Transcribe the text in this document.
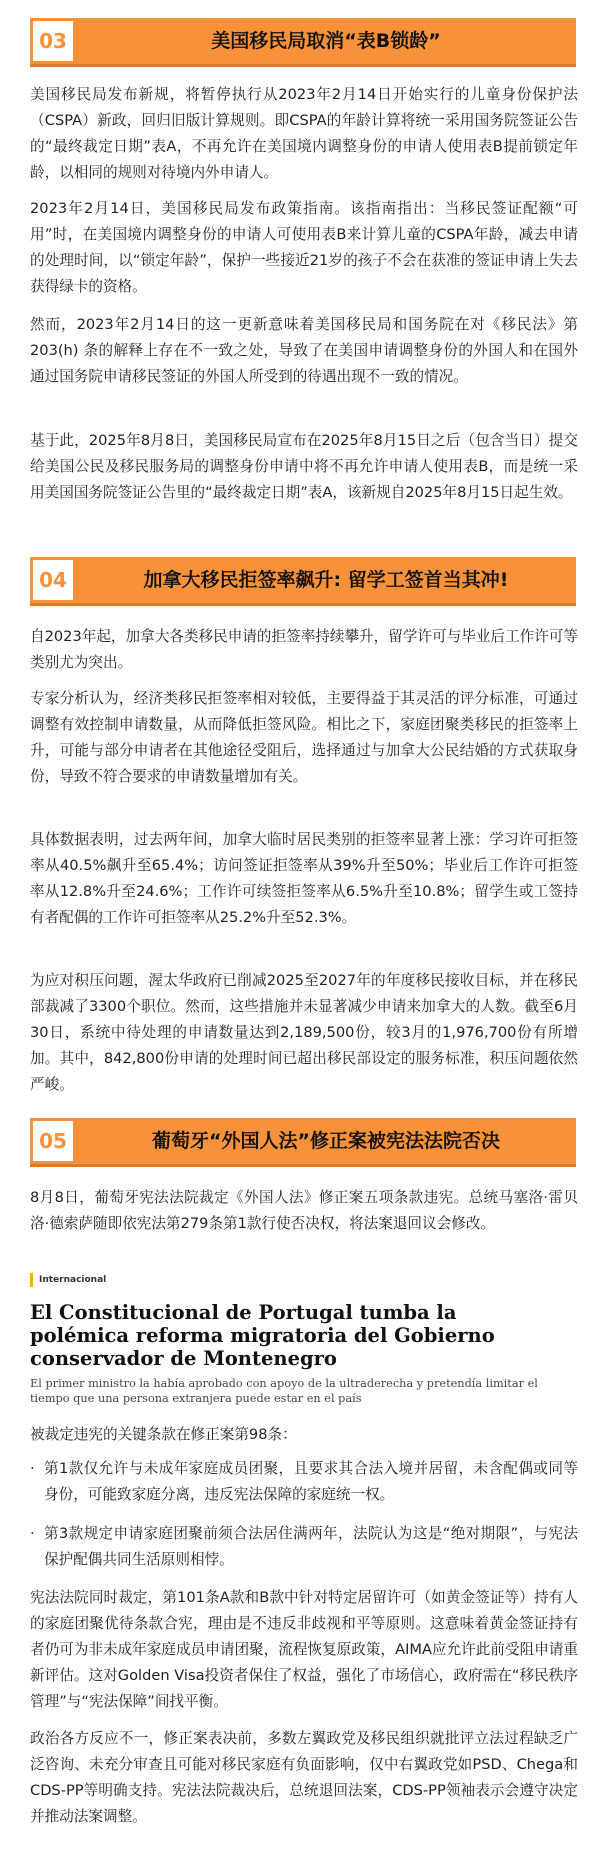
03	美国移民局取消“表B锁龄”

美国移民局发布新规，将暂停执行从2023年2月14日开始实行的儿童身份保护法（CSPA）新政，回归旧版计算规则。即CSPA的年龄计算将统一采用国务院签证公告的“最终裁定日期”表A，不再允许在美国境内调整身份的申请人使用表B提前锁定年龄，以相同的规则对待境内外申请人。

2023年2月14日，美国移民局发布政策指南。该指南指出：当移民签证配额“可用”时，在美国境内调整身份的申请人可使用表B来计算儿童的CSPA年龄，减去申请的处理时间，以“锁定年龄”，保护一些接近21岁的孩子不会在获准的签证申请上失去获得绿卡的资格。

然而，2023年2月14日的这一更新意味着美国移民局和国务院在对《移民法》第203(h) 条的解释上存在不一致之处，导致了在美国申请调整身份的外国人和在国外通过国务院申请移民签证的外国人所受到的待遇出现不一致的情况。

基于此，2025年8月8日，美国移民局宣布在2025年8月15日之后（包含当日）提交给美国公民及移民服务局的调整身份申请中将不再允许申请人使用表B，而是统一采用美国国务院签证公告里的“最终裁定日期”表A，该新规自2025年8月15日起生效。

04	加拿大移民拒签率飙升: 留学工签首当其冲!

自2023年起，加拿大各类移民申请的拒签率持续攀升，留学许可与毕业后工作许可等类别尤为突出。

专家分析认为，经济类移民拒签率相对较低，主要得益于其灵活的评分标准，可通过调整有效控制申请数量，从而降低拒签风险。相比之下，家庭团聚类移民的拒签率上升，可能与部分申请者在其他途径受阻后，选择通过与加拿大公民结婚的方式获取身份，导致不符合要求的申请数量增加有关。

具体数据表明，过去两年间，加拿大临时居民类别的拒签率显著上涨：学习许可拒签率从40.5%飙升至65.4%；访问签证拒签率从39%升至50%；毕业后工作许可拒签率从12.8%升至24.6%；工作许可续签拒签率从6.5%升至10.8%；留学生或工签持有者配偶的工作许可拒签率从25.2%升至52.3%。

为应对积压问题，渥太华政府已削减2025至2027年的年度移民接收目标，并在移民部裁减了3300个职位。然而，这些措施并未显著减少申请来加拿大的人数。截至6月30日，系统中待处理的申请数量达到2,189,500份，较3月的1,976,700份有所增加。其中，842,800份申请的处理时间已超出移民部设定的服务标准，积压问题依然严峻。

05	葡萄牙“外国人法”修正案被宪法法院否决

8月8日，葡萄牙宪法法院裁定《外国人法》修正案五项条款违宪。总统马塞洛·雷贝洛·德索萨随即依宪法第279条第1款行使否决权，将法案退回议会修改。

Internacional

El Constitucional de Portugal tumba la polémica reforma migratoria del Gobierno conservador de Montenegro

El primer ministro la había aprobado con apoyo de la ultraderecha y pretendía limitar el tiempo que una persona extranjera puede estar en el país

被裁定违宪的关键条款在修正案第98条：

· 第1款仅允许与未成年家庭成员团聚，且要求其合法入境并居留，未含配偶或同等身份，可能致家庭分离，违反宪法保障的家庭统一权。
· 第3款规定申请家庭团聚前须合法居住满两年，法院认为这是“绝对期限”，与宪法保护配偶共同生活原则相悖。

宪法法院同时裁定，第101条A款和B款中针对特定居留许可（如黄金签证等）持有人的家庭团聚优待条款合宪，理由是不违反非歧视和平等原则。这意味着黄金签证持有者仍可为非未成年家庭成员申请团聚，流程恢复原政策，AIMA应允许此前受阻申请重新评估。这对Golden Visa投资者保住了权益，强化了市场信心，政府需在“移民秩序管理”与“宪法保障”间找平衡。

政治各方反应不一，修正案表决前，多数左翼政党及移民组织就批评立法过程缺乏广泛咨询、未充分审查且可能对移民家庭有负面影响，仅中右翼政党如PSD、Chega和CDS-PP等明确支持。宪法法院裁决后，总统退回法案，CDS-PP领袖表示会遵守决定并推动法案调整。
